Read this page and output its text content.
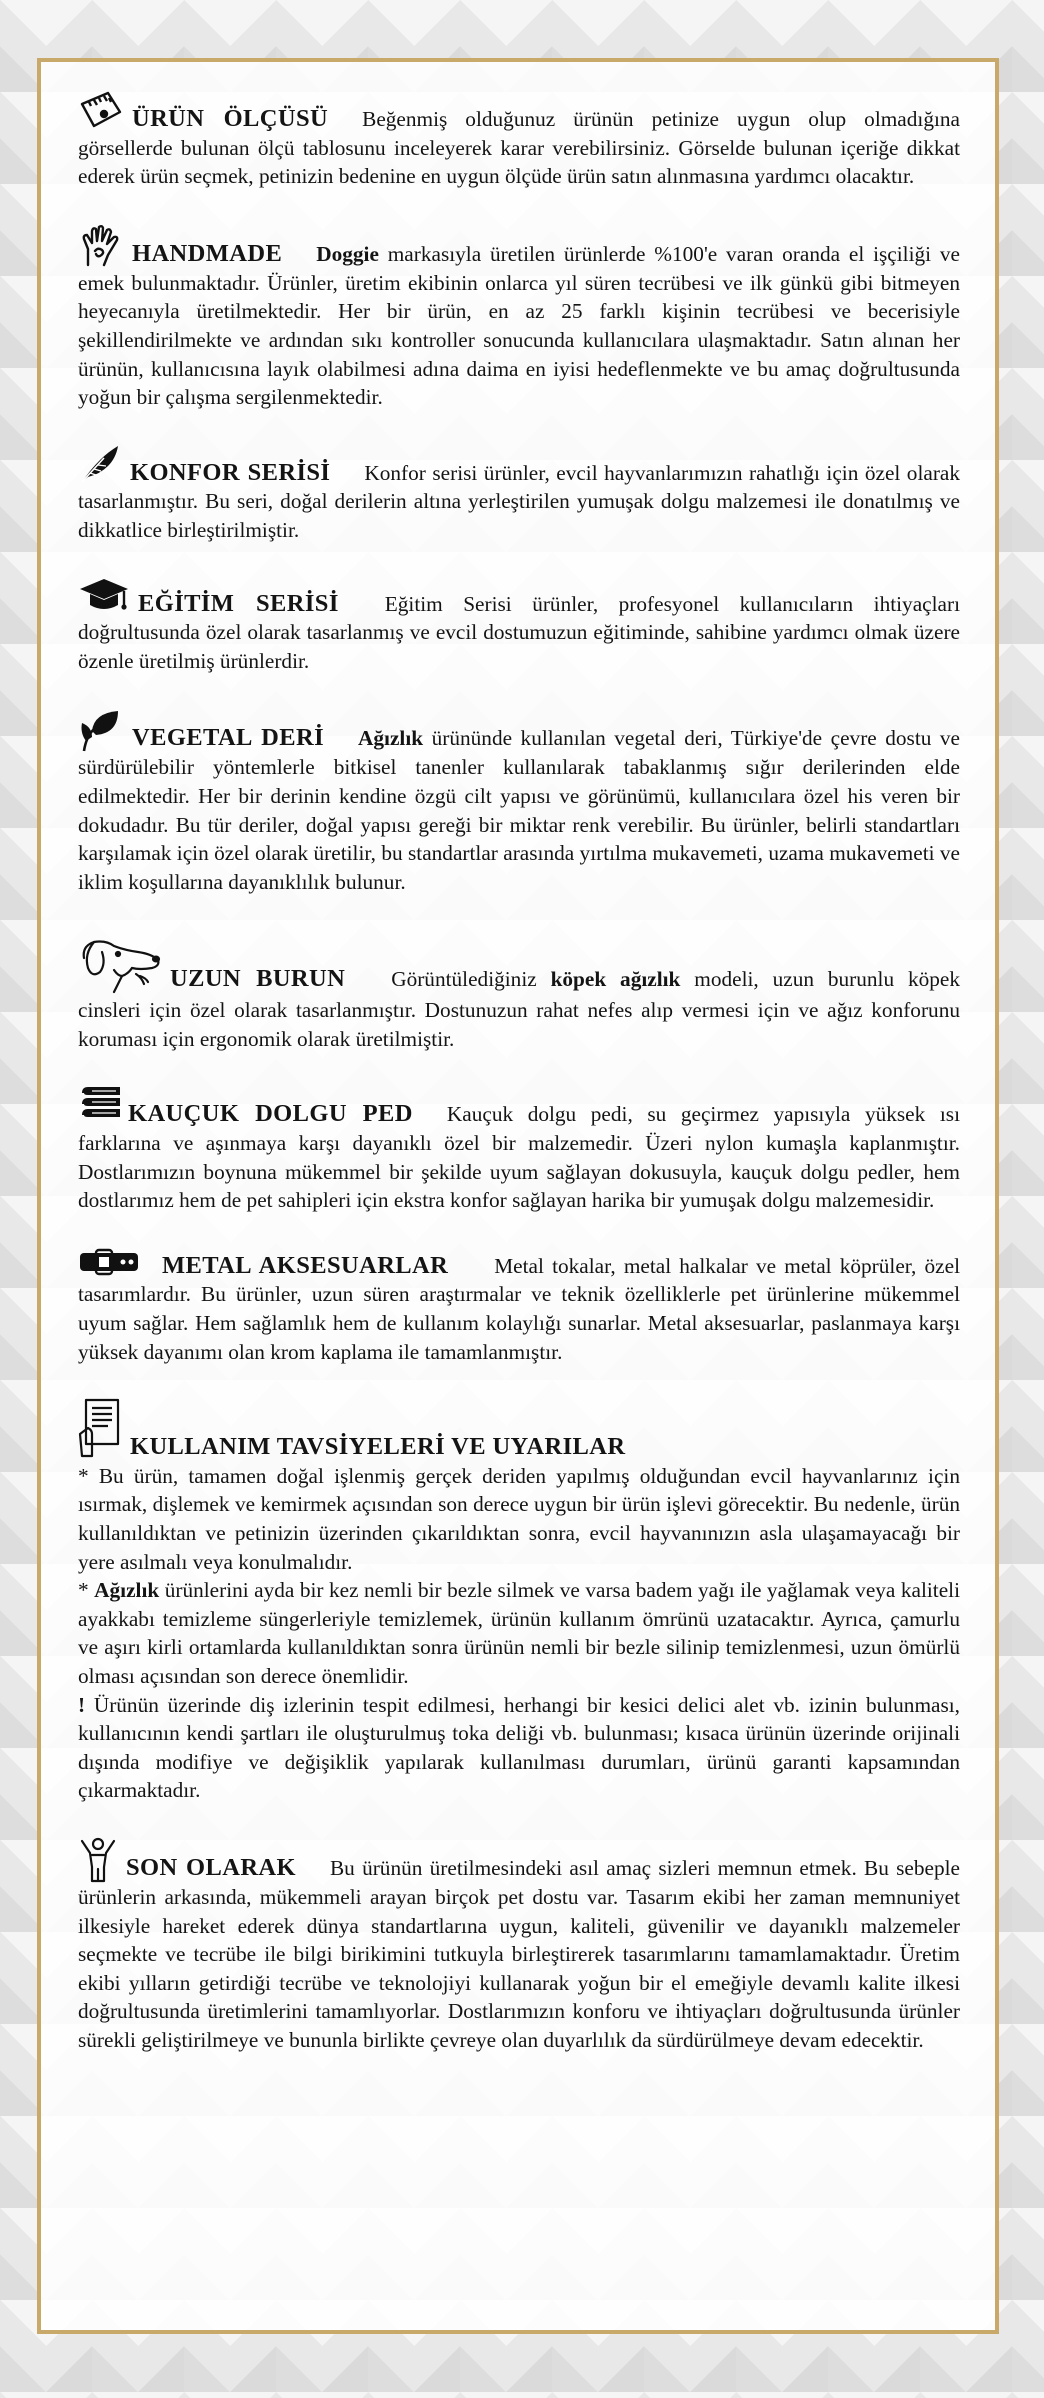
ÜRÜN ÖLÇÜSÜ Beğenmiş olduğunuz ürünün petinize uygun olup olmadığına görsellerde bulunan ölçü tablosunu inceleyerek karar verebilirsiniz. Görselde bulunan içeriğe dikkat ederek ürün seçmek, petinizin bedenine en uygun ölçüde ürün satın alınmasına yardımcı olacaktır.

HANDMADE Doggie markasıyla üretilen ürünlerde %100'e varan oranda el işçiliği ve emek bulunmaktadır. Ürünler, üretim ekibinin onlarca yıl süren tecrübesi ve ilk günkü gibi bitmeyen heyecanıyla üretilmektedir. Her bir ürün, en az 25 farklı kişinin tecrübesi ve becerisiyle şekillendirilmekte ve ardından sıkı kontroller sonucunda kullanıcılara ulaşmaktadır. Satın alınan her ürünün, kullanıcısına layık olabilmesi adına daima en iyisi hedeflenmekte ve bu amaç doğrultusunda yoğun bir çalışma sergilenmektedir.

KONFOR SERİSİ Konfor serisi ürünler, evcil hayvanlarımızın rahatlığı için özel olarak tasarlanmıştır. Bu seri, doğal derilerin altına yerleştirilen yumuşak dolgu malzemesi ile donatılmış ve dikkatlice birleştirilmiştir.

EĞİTİM SERİSİ Eğitim Serisi ürünler, profesyonel kullanıcıların ihtiyaçları doğrultusunda özel olarak tasarlanmış ve evcil dostumuzun eğitiminde, sahibine yardımcı olmak üzere özenle üretilmiş ürünlerdir.

VEGETAL DERİ Ağızlık ürününde kullanılan vegetal deri, Türkiye'de çevre dostu ve sürdürülebilir yöntemlerle bitkisel tanenler kullanılarak tabaklanmış sığır derilerinden elde edilmektedir. Her bir derinin kendine özgü cilt yapısı ve görünümü, kullanıcılara özel his veren bir dokudadır. Bu tür deriler, doğal yapısı gereği bir miktar renk verebilir. Bu ürünler, belirli standartları karşılamak için özel olarak üretilir, bu standartlar arasında yırtılma mukavemeti, uzama mukavemeti ve iklim koşullarına dayanıklılık bulunur.

UZUN BURUN Görüntülediğiniz köpek ağızlık modeli, uzun burunlu köpek cinsleri için özel olarak tasarlanmıştır. Dostunuzun rahat nefes alıp vermesi için ve ağız konforunu koruması için ergonomik olarak üretilmiştir.

KAUÇUK DOLGU PED Kauçuk dolgu pedi, su geçirmez yapısıyla yüksek ısı farklarına ve aşınmaya karşı dayanıklı özel bir malzemedir. Üzeri nylon kumaşla kaplanmıştır. Dostlarımızın boynuna mükemmel bir şekilde uyum sağlayan dokusuyla, kauçuk dolgu pedler, hem dostlarımız hem de pet sahipleri için ekstra konfor sağlayan harika bir yumuşak dolgu malzemesidir.

METAL AKSESUARLAR Metal tokalar, metal halkalar ve metal köprüler, özel tasarımlardır. Bu ürünler, uzun süren araştırmalar ve teknik özelliklerle pet ürünlerine mükemmel uyum sağlar. Hem sağlamlık hem de kullanım kolaylığı sunarlar. Metal aksesuarlar, paslanmaya karşı yüksek dayanımı olan krom kaplama ile tamamlanmıştır.

KULLANIM TAVSİYELERİ VE UYARILAR

* Bu ürün, tamamen doğal işlenmiş gerçek deriden yapılmış olduğundan evcil hayvanlarınız için ısırmak, dişlemek ve kemirmek açısından son derece uygun bir ürün işlevi görecektir. Bu nedenle, ürün kullanıldıktan ve petinizin üzerinden çıkarıldıktan sonra, evcil hayvanınızın asla ulaşamayacağı bir yere asılmalı veya konulmalıdır.

* Ağızlık ürünlerini ayda bir kez nemli bir bezle silmek ve varsa badem yağı ile yağlamak veya kaliteli ayakkabı temizleme süngerleriyle temizlemek, ürünün kullanım ömrünü uzatacaktır. Ayrıca, çamurlu ve aşırı kirli ortamlarda kullanıldıktan sonra ürünün nemli bir bezle silinip temizlenmesi, uzun ömürlü olması açısından son derece önemlidir.

! Ürünün üzerinde diş izlerinin tespit edilmesi, herhangi bir kesici delici alet vb. izinin bulunması, kullanıcının kendi şartları ile oluşturulmuş toka deliği vb. bulunması; kısaca ürünün üzerinde orijinali dışında modifiye ve değişiklik yapılarak kullanılması durumları, ürünü garanti kapsamından çıkarmaktadır.

SON OLARAK Bu ürünün üretilmesindeki asıl amaç sizleri memnun etmek. Bu sebeple ürünlerin arkasında, mükemmeli arayan birçok pet dostu var. Tasarım ekibi her zaman memnuniyet ilkesiyle hareket ederek dünya standartlarına uygun, kaliteli, güvenilir ve dayanıklı malzemeler seçmekte ve tecrübe ile bilgi birikimini tutkuyla birleştirerek tasarımlarını tamamlamaktadır. Üretim ekibi yılların getirdiği tecrübe ve teknolojiyi kullanarak yoğun bir el emeğiyle devamlı kalite ilkesi doğrultusunda üretimlerini tamamlıyorlar. Dostlarımızın konforu ve ihtiyaçları doğrultusunda ürünler sürekli geliştirilmeye ve bununla birlikte çevreye olan duyarlılık da sürdürülmeye devam edecektir.
